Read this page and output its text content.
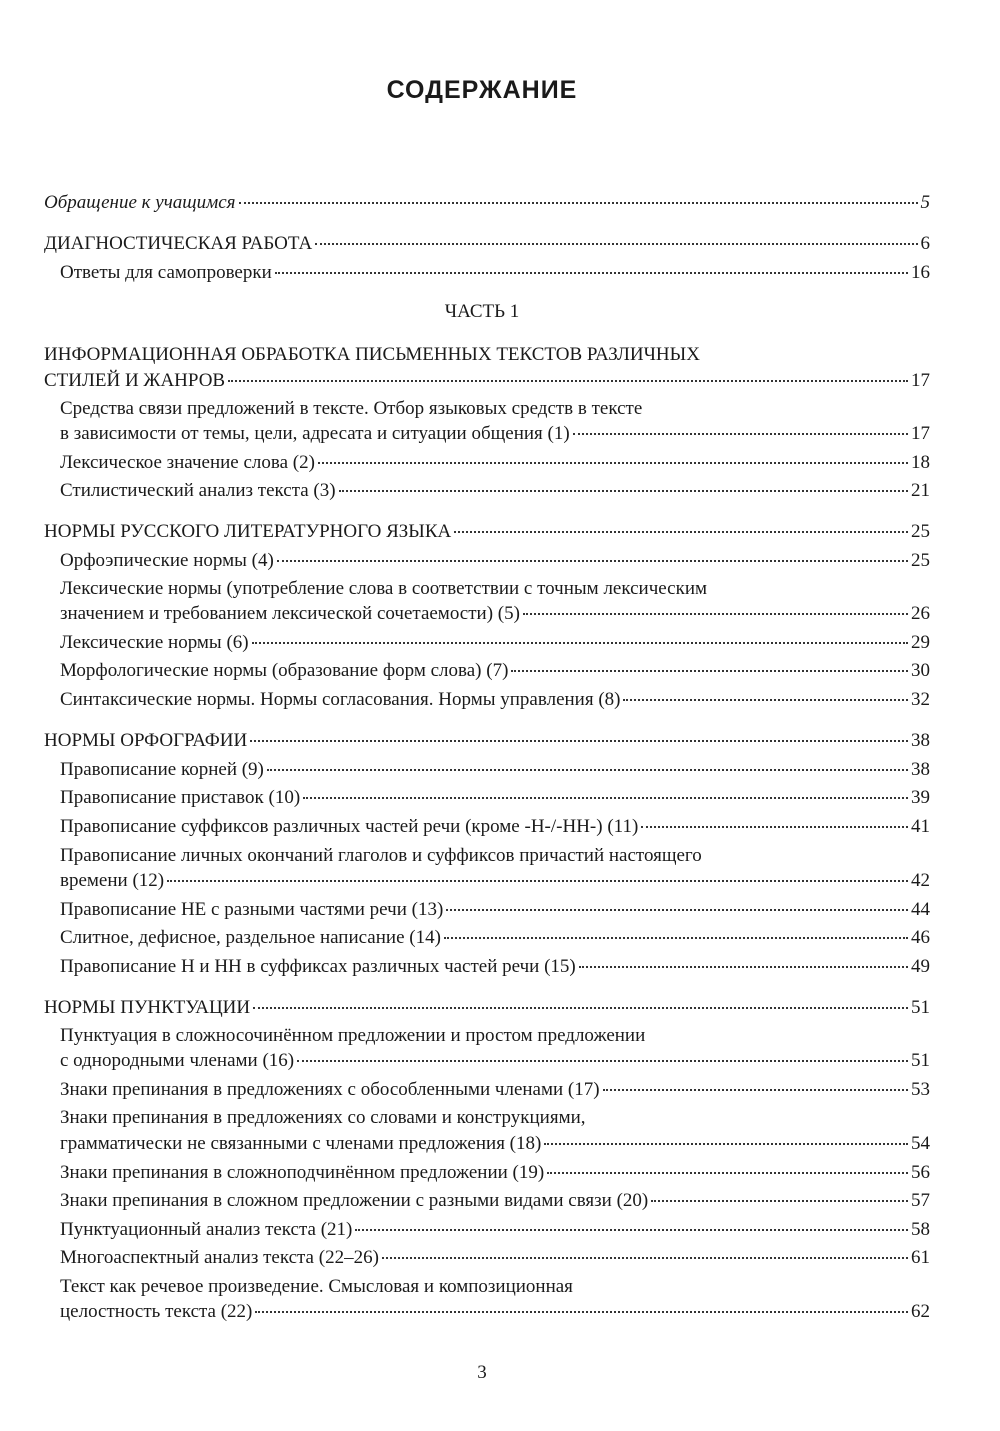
СОДЕРЖАНИЕ
Обращение к учащимся	5
ДИАГНОСТИЧЕСКАЯ РАБОТА	6
Ответы для самопроверки	16
ЧАСТЬ 1
ИНФОРМАЦИОННАЯ ОБРАБОТКА ПИСЬМЕННЫХ ТЕКСТОВ РАЗЛИЧНЫХ
СТИЛЕЙ И ЖАНРОВ	17
Средства связи предложений в тексте. Отбор языковых средств в тексте
в зависимости от темы, цели, адресата и ситуации общения (1)	17
Лексическое значение слова (2)	18
Стилистический анализ текста (3)	21
НОРМЫ РУССКОГО ЛИТЕРАТУРНОГО ЯЗЫКА	25
Орфоэпические нормы (4)	25
Лексические нормы (употребление слова в соответствии с точным лексическим
значением и требованием лексической сочетаемости) (5)	26
Лексические нормы (6)	29
Морфологические нормы (образование форм слова) (7)	30
Синтаксические нормы. Нормы согласования. Нормы управления (8)	32
НОРМЫ ОРФОГРАФИИ	38
Правописание корней (9)	38
Правописание приставок (10)	39
Правописание суффиксов различных частей речи (кроме -Н-/-НН-) (11)	41
Правописание личных окончаний глаголов и суффиксов причастий настоящего
времени (12)	42
Правописание НЕ с разными частями речи (13)	44
Слитное, дефисное, раздельное написание (14)	46
Правописание Н и НН в суффиксах различных частей речи (15)	49
НОРМЫ ПУНКТУАЦИИ	51
Пунктуация в сложносочинённом предложении и простом предложении
с однородными членами (16)	51
Знаки препинания в предложениях с обособленными членами (17)	53
Знаки препинания в предложениях со словами и конструкциями,
грамматически не связанными с членами предложения (18)	54
Знаки препинания в сложноподчинённом предложении (19)	56
Знаки препинания в сложном предложении с разными видами связи (20)	57
Пунктуационный анализ текста (21)	58
Многоаспектный анализ текста (22–26)	61
Текст как речевое произведение. Смысловая и композиционная
целостность текста (22)	62
3
